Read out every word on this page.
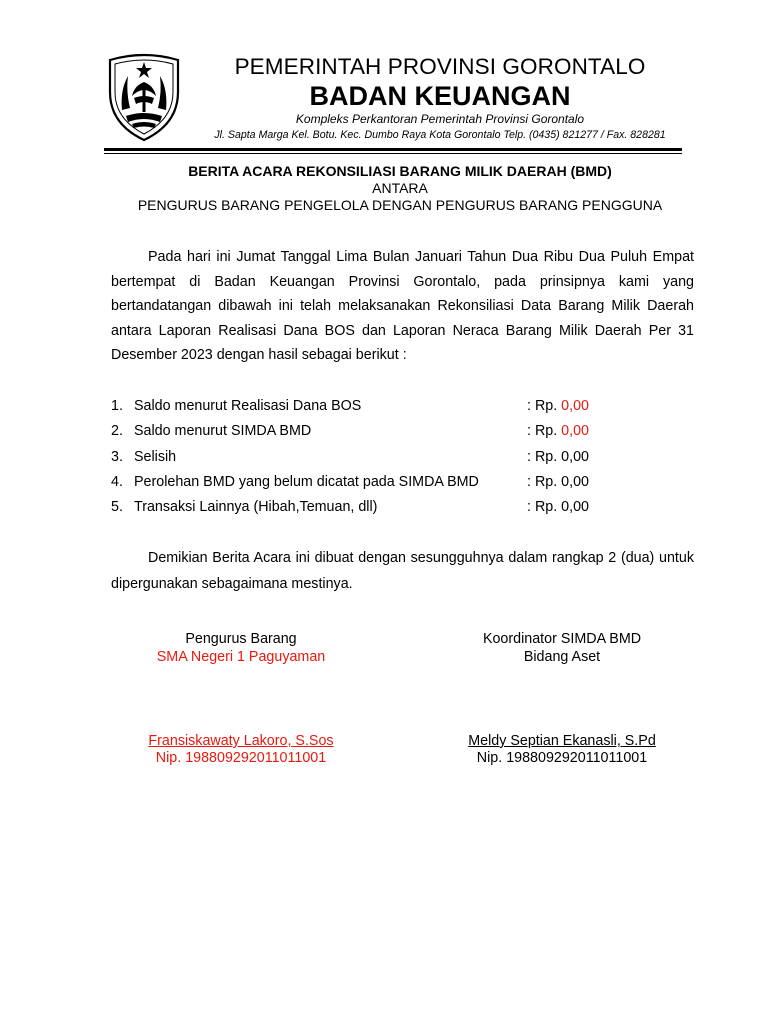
PEMERINTAH PROVINSI GORONTALO
BADAN KEUANGAN
Kompleks Perkantoran Pemerintah Provinsi Gorontalo
Jl. Sapta Marga Kel. Botu. Kec. Dumbo Raya Kota Gorontalo Telp. (0435) 821277 / Fax. 828281
BERITA ACARA REKONSILIASI BARANG MILIK DAERAH (BMD)
ANTARA
PENGURUS BARANG PENGELOLA DENGAN PENGURUS BARANG PENGGUNA
Pada hari ini Jumat Tanggal Lima Bulan Januari Tahun Dua Ribu Dua Puluh Empat bertempat di Badan Keuangan Provinsi Gorontalo, pada prinsipnya kami yang bertandatangan dibawah ini telah melaksanakan Rekonsiliasi Data Barang Milik Daerah antara Laporan Realisasi Dana BOS dan Laporan Neraca Barang Milik Daerah Per 31 Desember 2023 dengan hasil sebagai berikut :
1. Saldo menurut Realisasi Dana BOS	: Rp. 0,00
2. Saldo menurut SIMDA BMD	: Rp. 0,00
3. Selisih	: Rp. 0,00
4. Perolehan BMD yang belum dicatat pada SIMDA BMD	: Rp. 0,00
5. Transaksi Lainnya (Hibah,Temuan, dll)	: Rp. 0,00
Demikian Berita Acara ini dibuat dengan sesungguhnya dalam rangkap 2 (dua) untuk dipergunakan sebagaimana mestinya.
Pengurus Barang
SMA Negeri 1 Paguyaman
Fransiskawaty Lakoro, S.Sos
Nip. 198809292011011001
Koordinator SIMDA BMD
Bidang Aset
Meldy Septian Ekanasli, S.Pd
Nip. 198809292011011001
